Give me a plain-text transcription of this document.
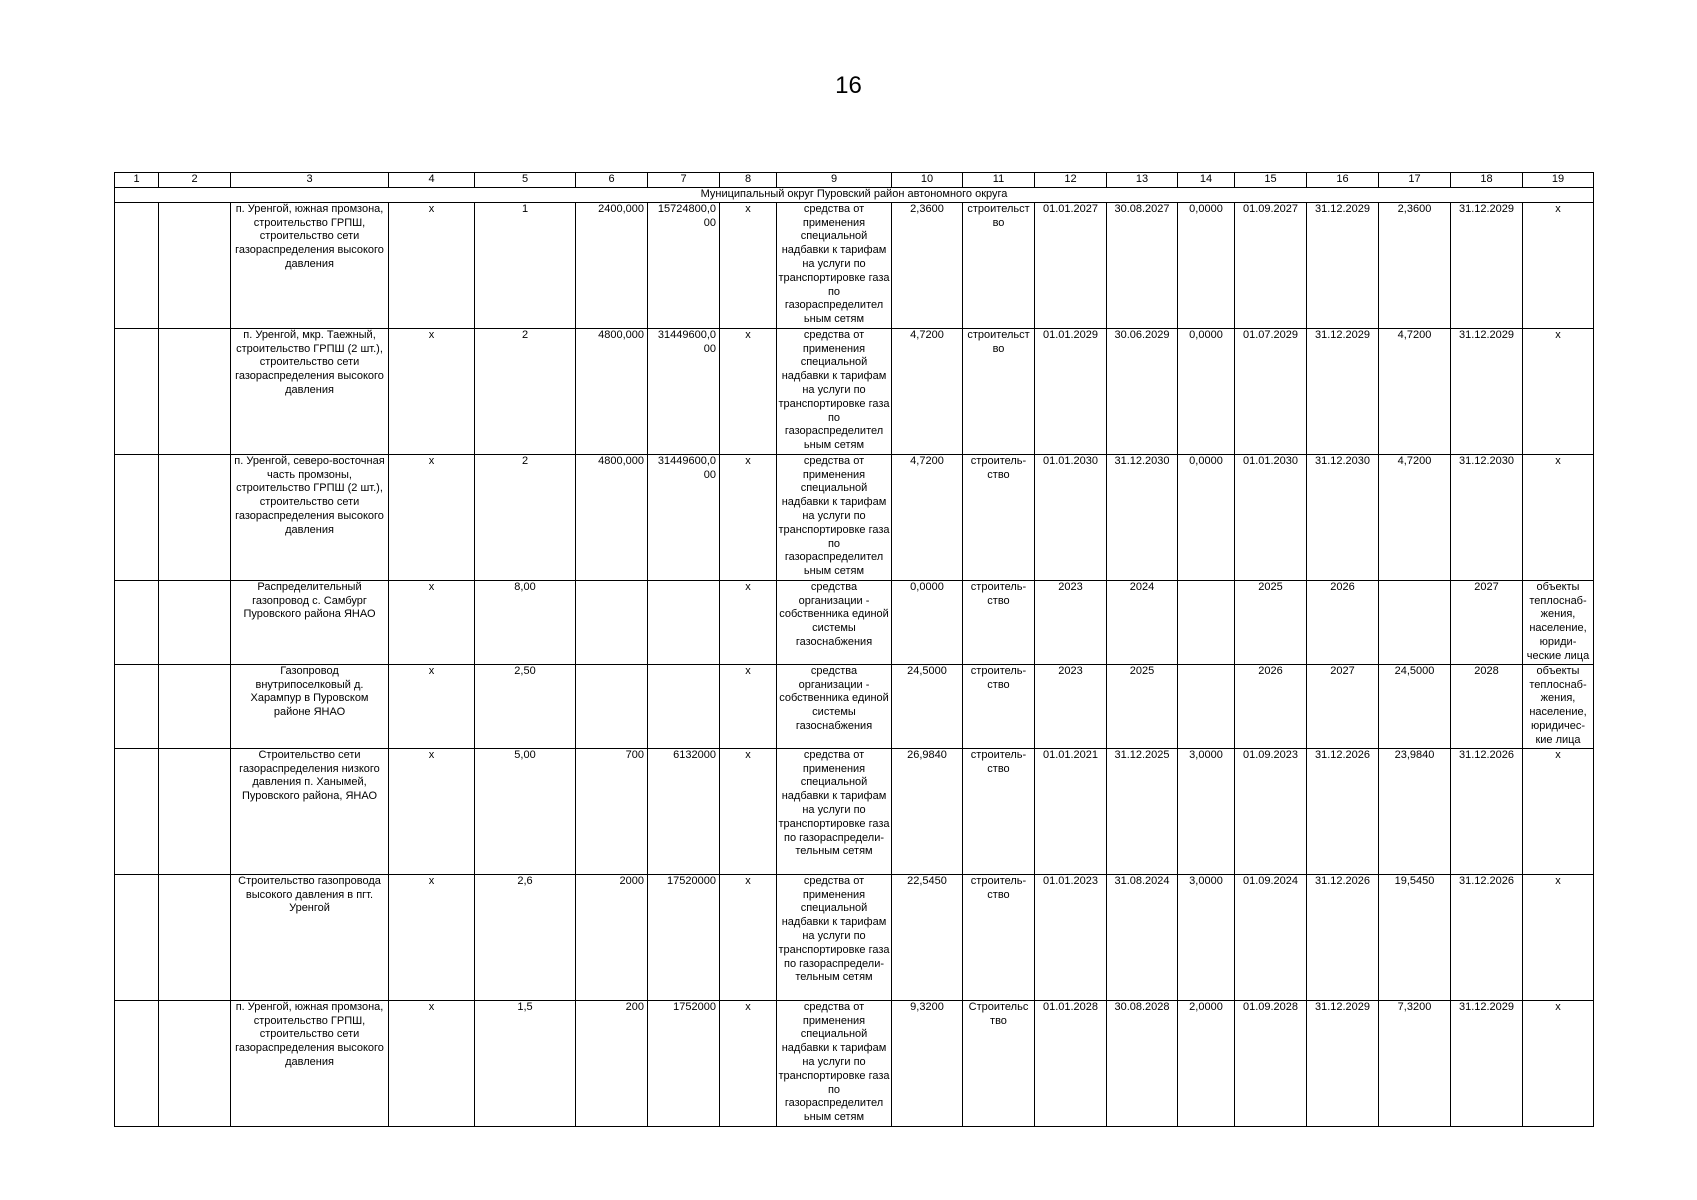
16
1	2	3	4	5	6	7	8	9	10	11	12	13	14	15	16	17	18	19
Муниципальный округ Пуровский район автономного округа																		
		п. Уренгой, южная промзона, строительство ГРПШ, строительство сети газораспределения высокого давления	х	1	2400,000	15724800,0 00	х	средства от применения специальной надбавки к тарифам на услуги по транспортировке газа по газораспределител ьным сетям	2,3600	строительст во	01.01.2027	30.08.2027	0,0000	01.09.2027	31.12.2029	2,3600	31.12.2029	х
		п. Уренгой, мкр. Таежный, строительство ГРПШ (2 шт.), строительство сети газораспределения высокого давления	х	2	4800,000	31449600,0 00	х	средства от применения специальной надбавки к тарифам на услуги по транспортировке газа по газораспределител ьным сетям	4,7200	строительст во	01.01.2029	30.06.2029	0,0000	01.07.2029	31.12.2029	4,7200	31.12.2029	х
		п. Уренгой, северо-восточная часть промзоны, строительство ГРПШ (2 шт.), строительство сети газораспределения высокого давления	х	2	4800,000	31449600,0 00	х	средства от применения специальной надбавки к тарифам на услуги по транспортировке газа по газораспределител ьным сетям	4,7200	строитель-ство	01.01.2030	31.12.2030	0,0000	01.01.2030	31.12.2030	4,7200	31.12.2030	х
		Распределительный газопровод с. Самбург Пуровского района ЯНАО	х	8,00			х	средства организации - собственника единой системы газоснабжения	0,0000	строитель-ство	2023	2024		2025	2026		2027	объекты теплоснаб-жения, население, юриди-ческие лица
		Газопровод внутрипоселковый д. Харампур в Пуровском районе ЯНАО	х	2,50			х	средства организации - собственника единой системы газоснабжения	24,5000	строитель-ство	2023	2025		2026	2027	24,5000	2028	объекты теплоснаб-жения, население, юридичес-кие лица
		Строительство сети газораспределения низкого давления п. Ханымей, Пуровского района, ЯНАО	х	5,00	700	6132000	х	средства от применения специальной надбавки к тарифам на услуги по транспортировке газа по газораспредели-тельным сетям	26,9840	строитель-ство	01.01.2021	31.12.2025	3,0000	01.09.2023	31.12.2026	23,9840	31.12.2026	х
		Строительство газопровода высокого давления в пгт. Уренгой	х	2,6	2000	17520000	х	средства от применения специальной надбавки к тарифам на услуги по транспортировке газа по газораспредели-тельным сетям	22,5450	строитель-ство	01.01.2023	31.08.2024	3,0000	01.09.2024	31.12.2026	19,5450	31.12.2026	х
		п. Уренгой, южная промзона, строительство ГРПШ, строительство сети газораспределения высокого давления	х	1,5	200	1752000	х	средства от применения специальной надбавки к тарифам на услуги по транспортировке газа по газораспределител ьным сетям	9,3200	Строительс тво	01.01.2028	30.08.2028	2,0000	01.09.2028	31.12.2029	7,3200	31.12.2029	х
